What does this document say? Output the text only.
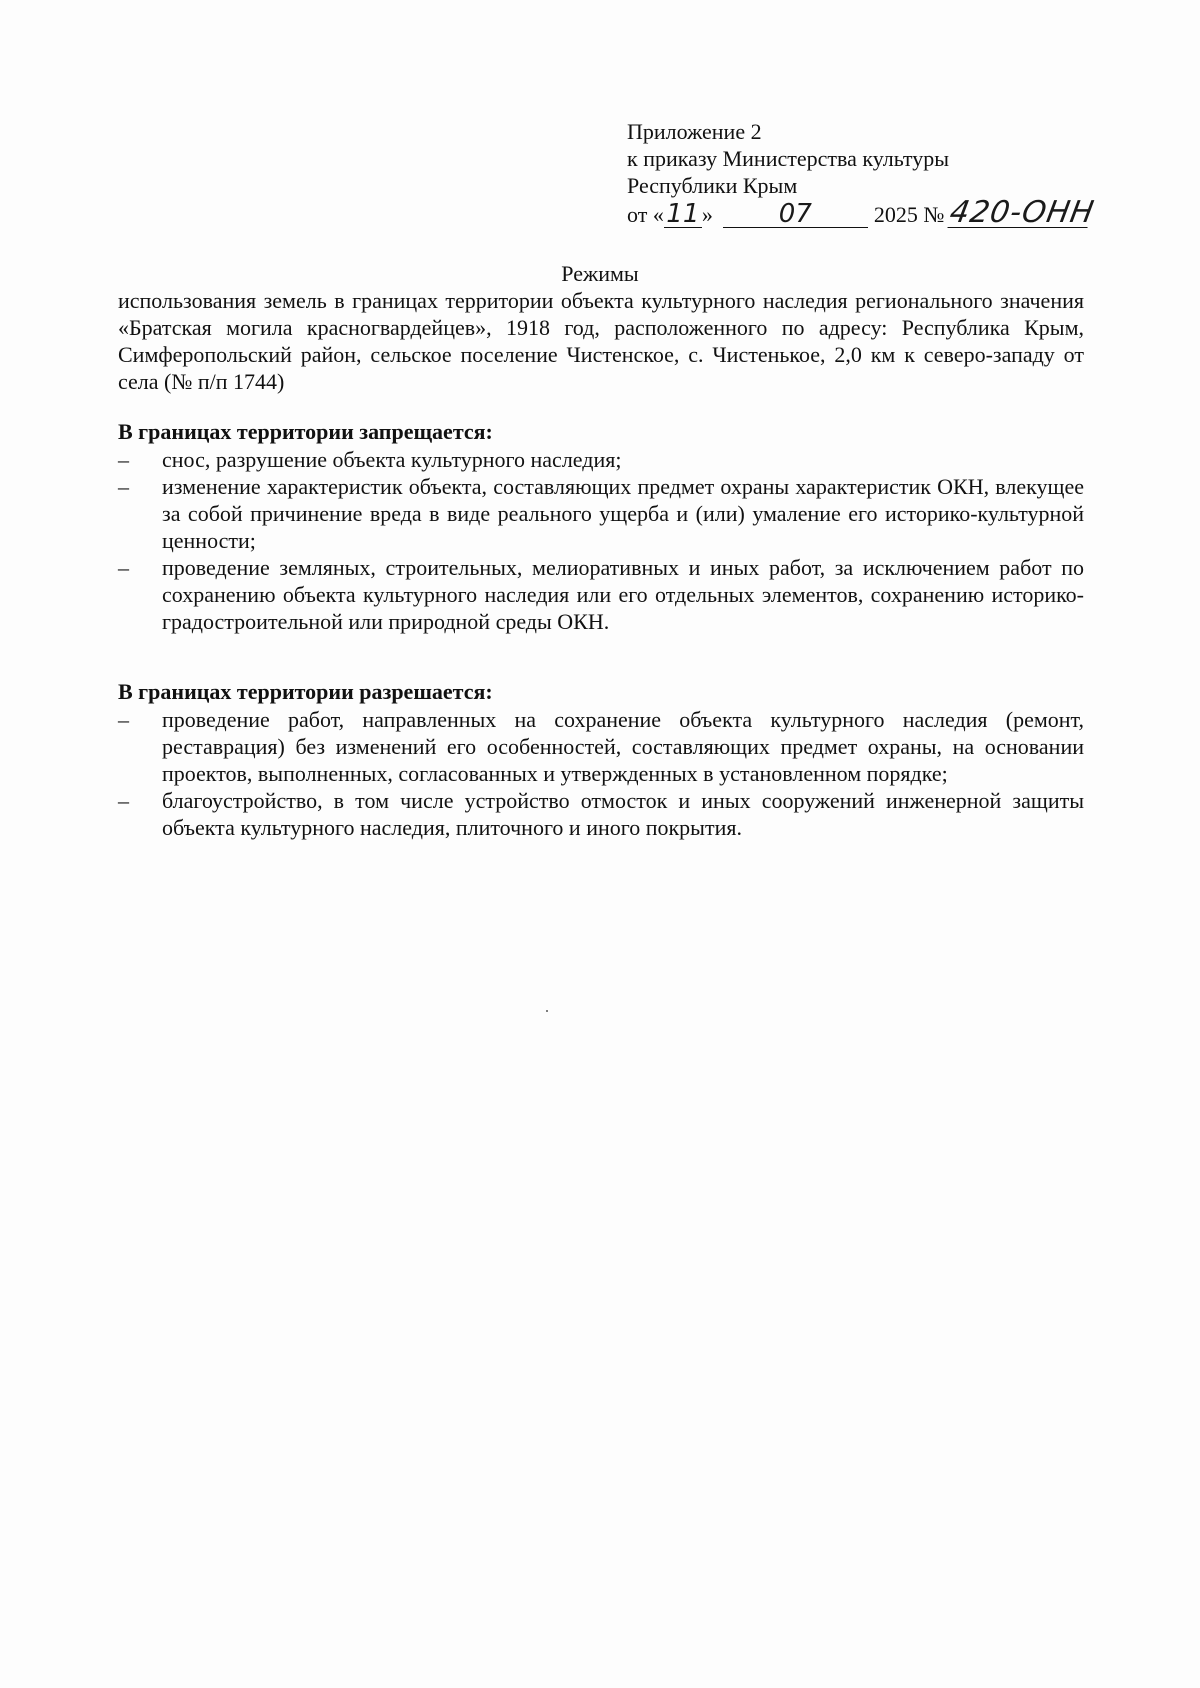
Приложение 2
к приказу Министерства культуры
Республики Крым
от «11 »	07	2025 № 420-ОНН
Режимы
использования земель в границах территории объекта культурного наследия регионального значения «Братская могила красногвардейцев», 1918 год, расположенного по адресу: Республика Крым, Симферопольский район, сельское поселение Чистенское, с. Чистенькое, 2,0 км к северо-западу от села (№ п/п 1744)
В границах территории запрещается:
– снос, разрушение объекта культурного наследия;
– изменение характеристик объекта, составляющих предмет охраны характеристик ОКН, влекущее за собой причинение вреда в виде реального ущерба и (или) умаление его историко-культурной ценности;
– проведение земляных, строительных, мелиоративных и иных работ, за исключением работ по сохранению объекта культурного наследия или его отдельных элементов, сохранению историко-градостроительной или природной среды ОКН.
В границах территории разрешается:
– проведение работ, направленных на сохранение объекта культурного наследия (ремонт, реставрация) без изменений его особенностей, составляющих предмет охраны, на основании проектов, выполненных, согласованных и утвержденных в установленном порядке;
– благоустройство, в том числе устройство отмосток и иных сооружений инженерной защиты объекта культурного наследия, плиточного и иного покрытия.
